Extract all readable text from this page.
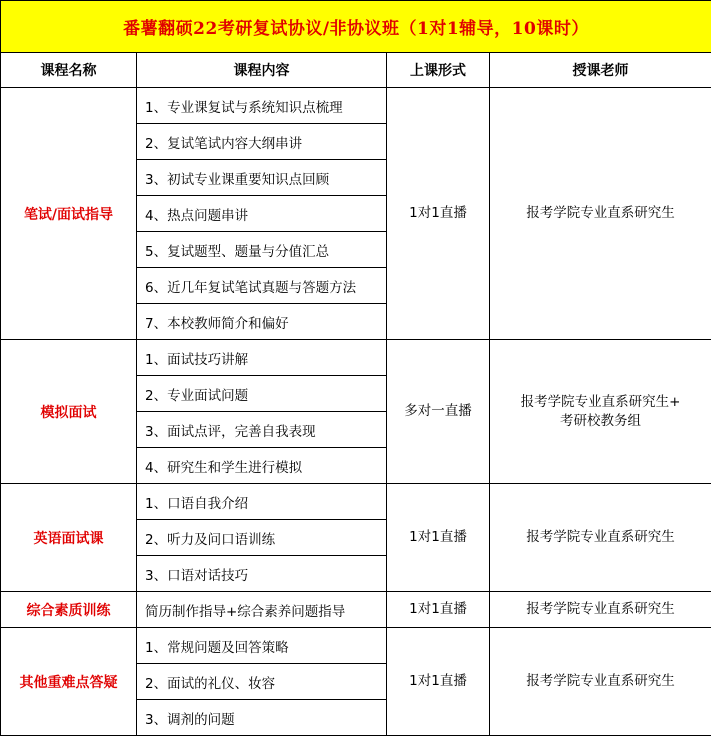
番薯翻硕22考研复试协议/非协议班（1对1辅导，10课时）			
课程名称	课程内容	上课形式	授课老师
笔试/面试指导	1、专业课复试与系统知识点梳理	1对1直播	报考学院专业直系研究生

	2、复试笔试内容大纲串讲		
	3、初试专业课重要知识点回顾		
	4、热点问题串讲		
	5、复试题型、题量与分值汇总		
	6、近几年复试笔试真题与答题方法		
	7、本校教师简介和偏好		
模拟面试	1、面试技巧讲解	多对一直播	报考学院专业直系研究生+
考研校教务组

	2、专业面试问题		
	3、面试点评，完善自我表现		
	4、研究生和学生进行模拟		
英语面试课	1、口语自我介绍	1对1直播	报考学院专业直系研究生

	2、听力及问口语训练		
	3、口语对话技巧		
综合素质训练	简历制作指导+综合素养问题指导	1对1直播	报考学院专业直系研究生

其他重难点答疑	1、常规问题及回答策略	1对1直播	报考学院专业直系研究生

	2、面试的礼仪、妆容		
	3、调剂的问题		
